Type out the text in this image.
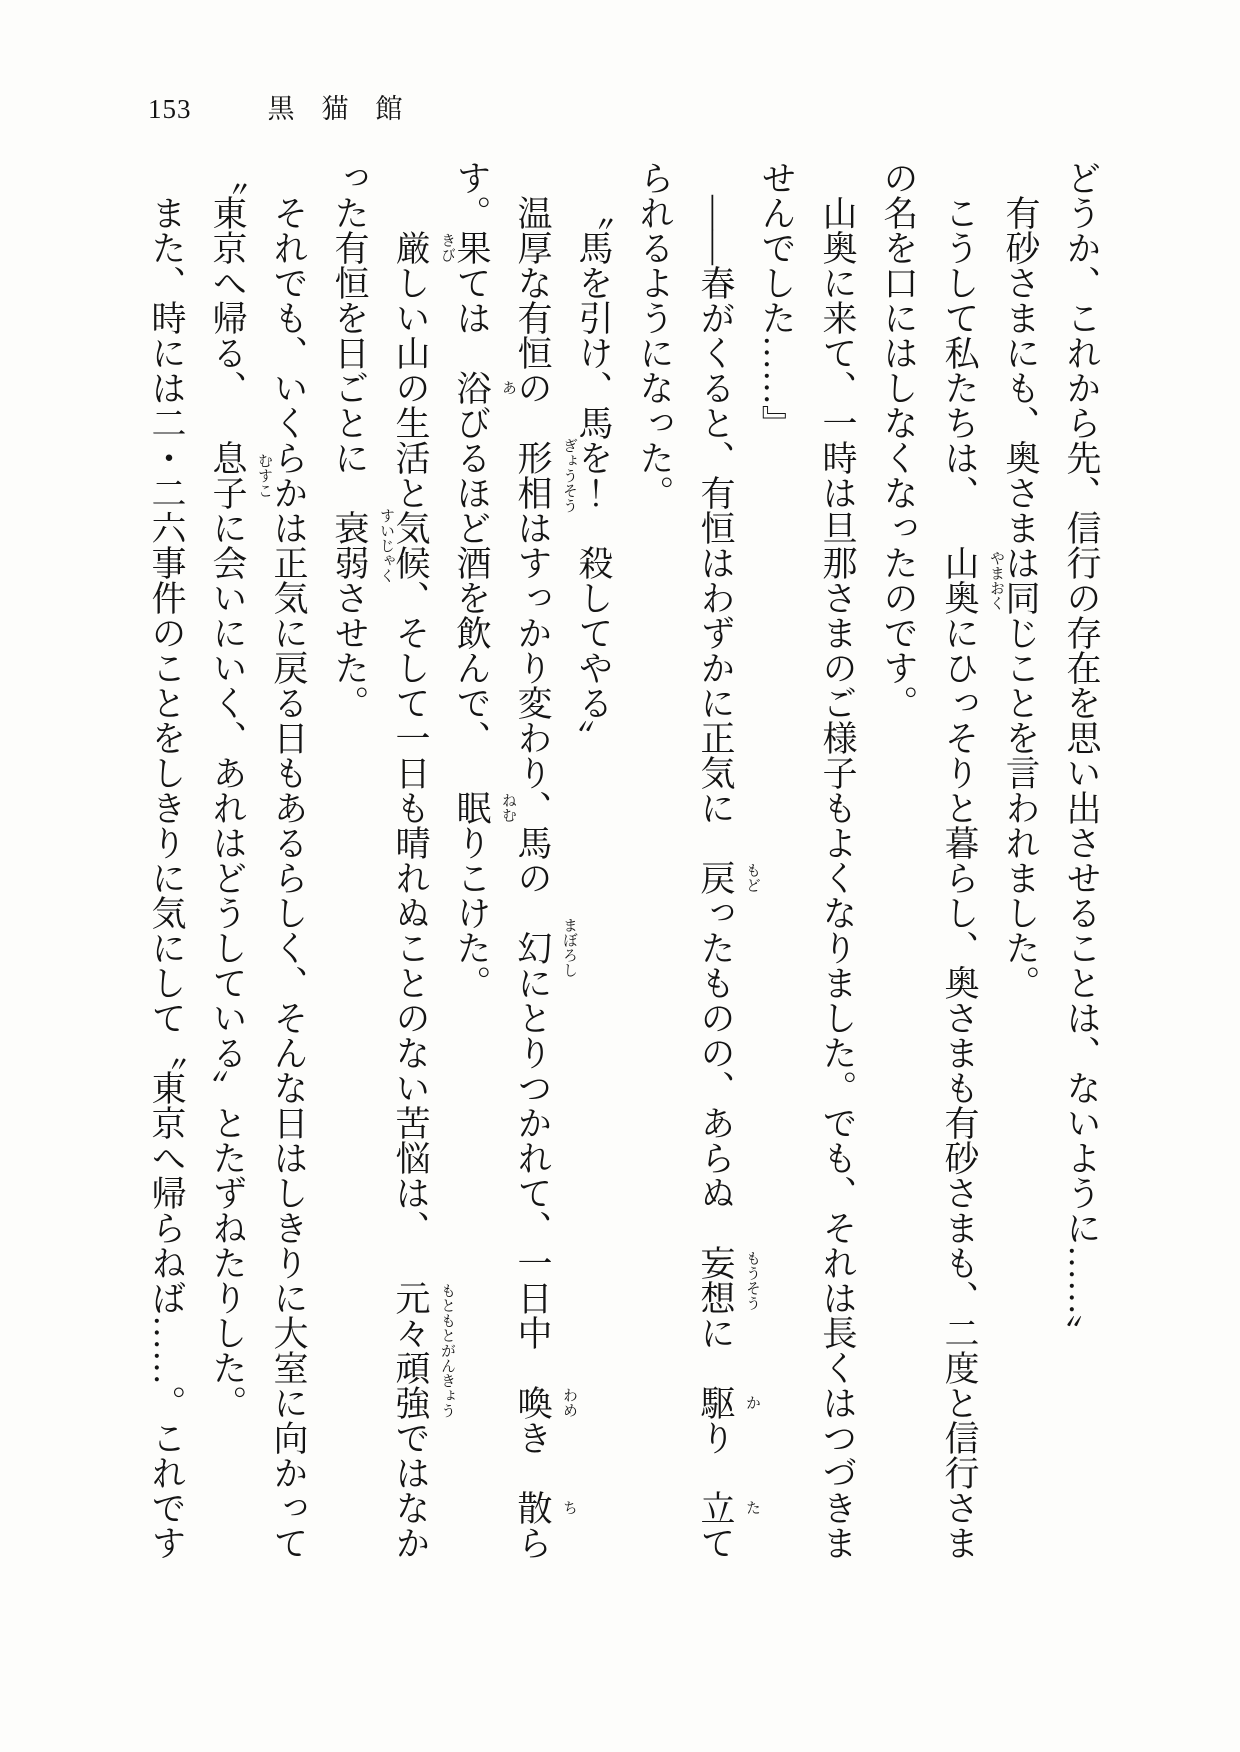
153	黒　猫　館

どうか、これから先、信行の存在を思い出させることは、ないように……〟

有砂さまにも、奥さまは同じことを言われました。

こうして私たちは、山奥 やまおく
にひっそりと暮らし、奥さまも有砂さまも、二度と信行さまの名を口にはしなくなったのです。

山奥に来て、一時は旦那さまのご様子もよくなりました。でも、それは長くはつづきませんでした……』

――春がくると、有恒はわずかに正気に戻 もど
ったものの、あらぬ妄想 もうそう
に駆 か
り立 た
てられるようになった。

〝馬を引け、馬を！　殺してやる〟

温厚な有恒の形相 ぎょうそう
はすっかり変わり、馬の幻 まぼろし
にとりつかれて、一日中喚 わめ
き散 ち
らす。果ては浴 あ
びるほど酒を飲んで、眠 ねむ
りこけた。

厳 きび
しい山の生活と気候、そして一日も晴れぬことのない苦悩は、元々頑強 もともとがんきょう
ではなかった有恒を日ごとに衰弱 すいじゃく
させた。

それでも、いくらかは正気に戻る日もあるらしく、そんな日はしきりに大室に向かって〝東京へ帰る、息子 むすこ
に会いにいく、あれはどうしている〟とたずねたりした。

また、時には二・二六事件のことをしきりに気にして〝東京へ帰らねば……。これです
